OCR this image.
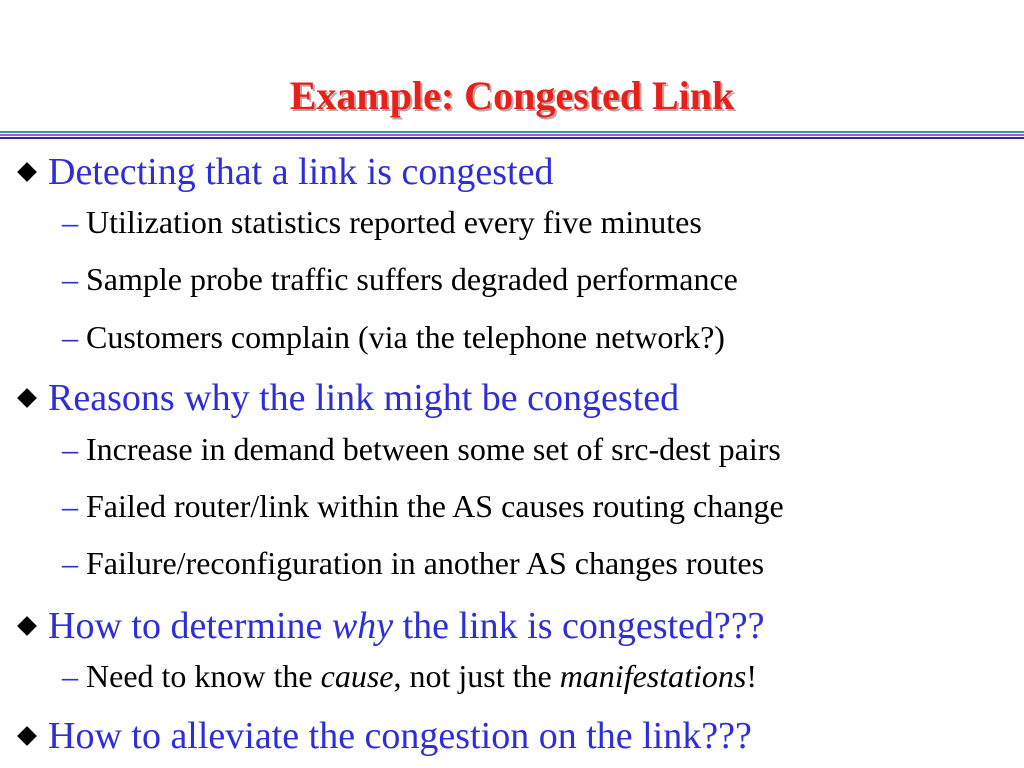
Example: Congested Link
Detecting that a link is congested
– Utilization statistics reported every five minutes
– Sample probe traffic suffers degraded performance
– Customers complain (via the telephone network?)
Reasons why the link might be congested
– Increase in demand between some set of src-dest pairs
– Failed router/link within the AS causes routing change
– Failure/reconfiguration in another AS changes routes
How to determine why the link is congested???
– Need to know the cause, not just the manifestations!
How to alleviate the congestion on the link???
